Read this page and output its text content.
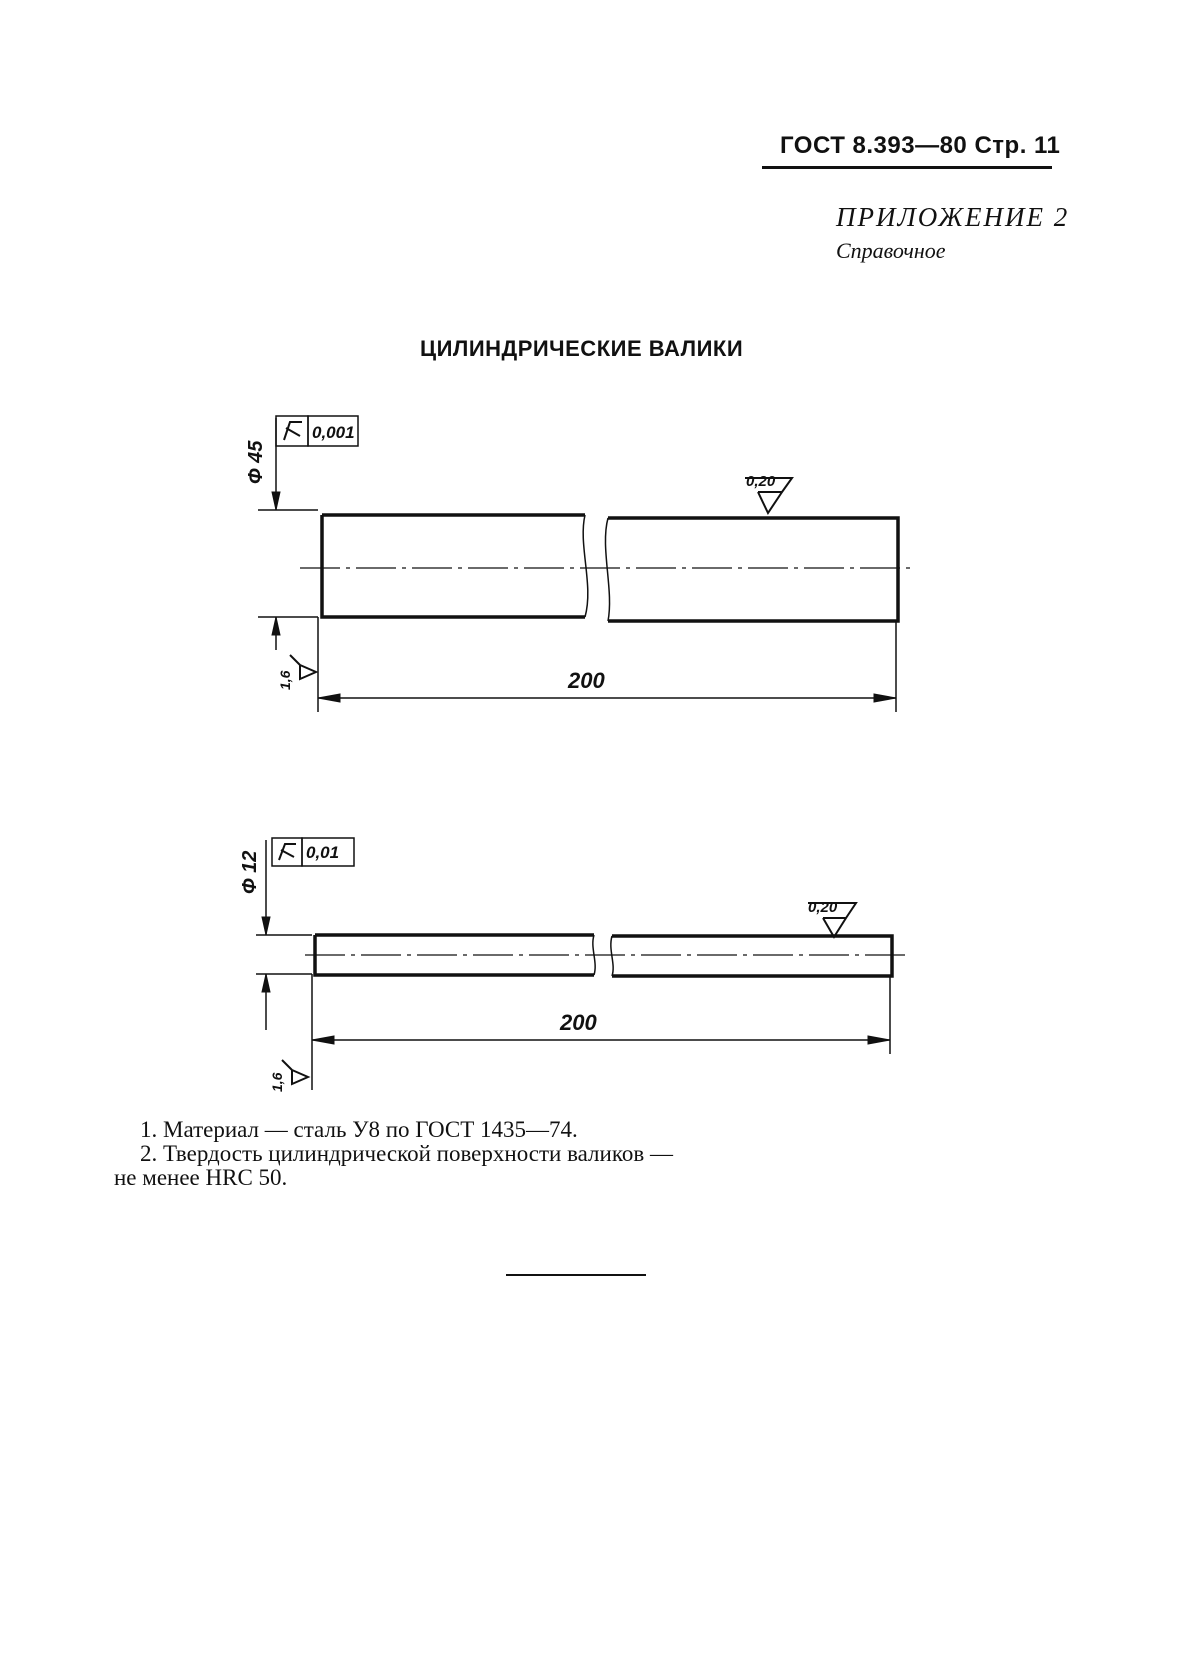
ГОСТ 8.393—80 Стр. 11
ПРИЛОЖЕНИЕ 2
Справочное
ЦИЛИНДРИЧЕСКИЕ ВАЛИКИ
Ф 45
0,001
0,20
1,6	200
Ф 12	0,01
0,20
1,6
200

1. Материал — сталь У8 по ГОСТ 1435—74.

2. Твердость цилиндрической поверхности валиков —

не менее HRC 50.
